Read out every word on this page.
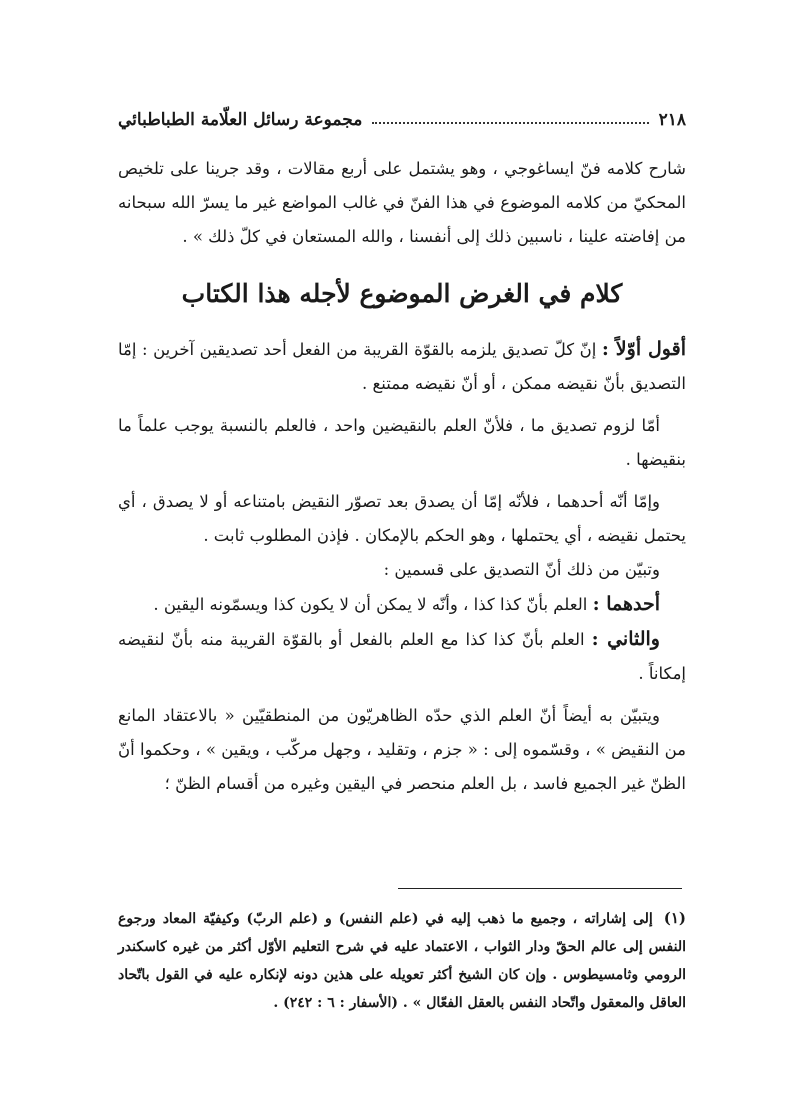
٢١٨
مجموعة رسائل العلّامة الطباطبائي

شارح كلامه فنّ ايساغوجي ، وهو يشتمل على أربع مقالات ، وقد جرينا على تلخيص المحكيّ من كلامه الموضوع في هذا الفنّ في غالب المواضع غير ما يسرّ الله سبحانه من إفاضته علينا ، ناسبين ذلك إلى أنفسنا ، والله المستعان في كلّ ذلك » .

كلام في الغرض الموضوع لأجله هذا الكتاب

أقول أوّلاً : إنّ كلّ تصديق يلزمه بالقوّة القريبة من الفعل أحد تصديقين آخرين : إمّا التصديق بأنّ نقيضه ممكن ، أو أنّ نقيضه ممتنع .

أمّا لزوم تصديق ما ، فلأنّ العلم بالنقيضين واحد ، فالعلم بالنسبة يوجب علماً ما بنقيضها .

وإمّا أنّه أحدهما ، فلأنّه إمّا أن يصدق بعد تصوّر النقيض بامتناعه أو لا يصدق ، أي يحتمل نقيضه ، أي يحتملها ، وهو الحكم بالإمكان . فإذن المطلوب ثابت .

وتبيّن من ذلك أنّ التصديق على قسمين :

أحدهما : العلم بأنّ كذا كذا ، وأنّه لا يمكن أن لا يكون كذا ويسمّونه اليقين .

والثاني : العلم بأنّ كذا كذا مع العلم بالفعل أو بالقوّة القريبة منه بأنّ لنقيضه إمكاناً .

ويتبيّن به أيضاً أنّ العلم الذي حدّه الظاهريّون من المنطقيّين « بالاعتقاد المانع من النقيض » ، وقسّموه إلى : « جزم ، وتقليد ، وجهل مركّب ، ويقين » ، وحكموا أنّ الظنّ غير الجميع فاسد ، بل العلم منحصر في اليقين وغيره من أقسام الظنّ ؛

(١) إلى إشاراته ، وجميع ما ذهب إليه في (علم النفس) و (علم الربّ) وكيفيّة المعاد ورجوع النفس إلى عالم الحقّ ودار الثواب ، الاعتماد عليه في شرح التعليم الأوّل أكثر من غيره كاسكندر الرومي وثامسيطوس . وإن كان الشيخ أكثر تعويله على هذين دونه لإنكاره عليه في القول باتّحاد العاقل والمعقول واتّحاد النفس بالعقل الفعّال » . (الأسفار : ٦ : ٢٤٢) .
